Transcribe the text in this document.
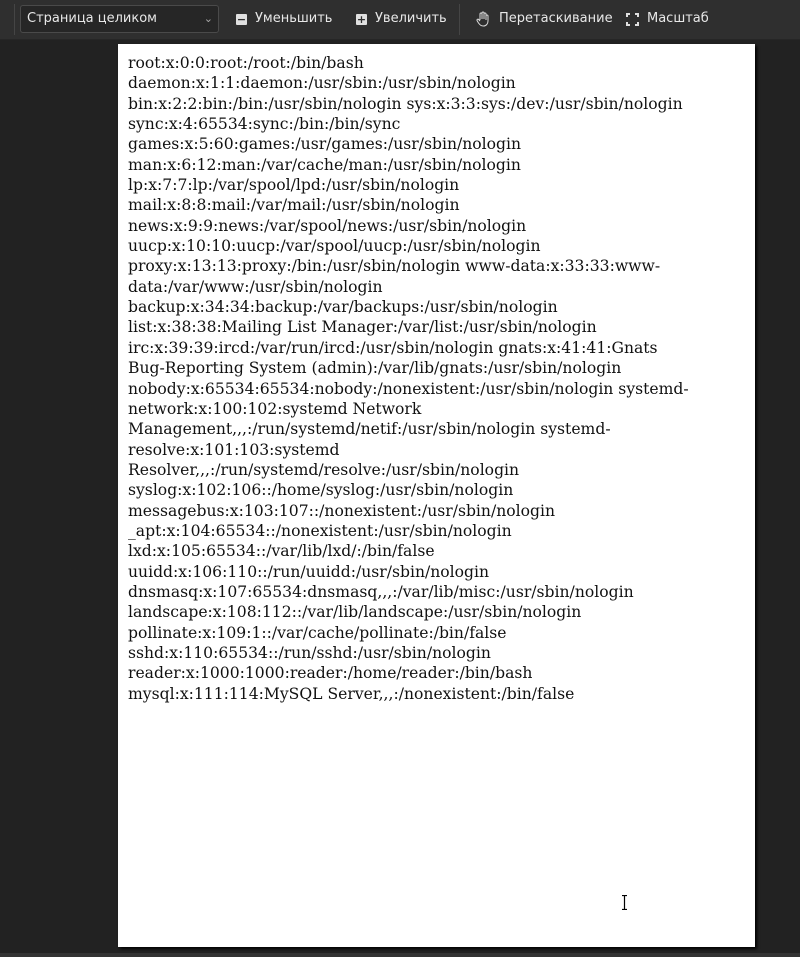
Страница целиком	⌄ − Уменьшить + Увеличить	Перетаскивание	Масштаб
root:x:0:0:root:/root:/bin/bash
daemon:x:1:1:daemon:/usr/sbin:/usr/sbin/nologin
bin:x:2:2:bin:/bin:/usr/sbin/nologin sys:x:3:3:sys:/dev:/usr/sbin/nologin
sync:x:4:65534:sync:/bin:/bin/sync
games:x:5:60:games:/usr/games:/usr/sbin/nologin
man:x:6:12:man:/var/cache/man:/usr/sbin/nologin
lp:x:7:7:lp:/var/spool/lpd:/usr/sbin/nologin
mail:x:8:8:mail:/var/mail:/usr/sbin/nologin
news:x:9:9:news:/var/spool/news:/usr/sbin/nologin
uucp:x:10:10:uucp:/var/spool/uucp:/usr/sbin/nologin
proxy:x:13:13:proxy:/bin:/usr/sbin/nologin www-data:x:33:33:www-
data:/var/www:/usr/sbin/nologin
backup:x:34:34:backup:/var/backups:/usr/sbin/nologin
list:x:38:38:Mailing List Manager:/var/list:/usr/sbin/nologin
irc:x:39:39:ircd:/var/run/ircd:/usr/sbin/nologin gnats:x:41:41:Gnats
Bug-Reporting System (admin):/var/lib/gnats:/usr/sbin/nologin
nobody:x:65534:65534:nobody:/nonexistent:/usr/sbin/nologin systemd-
network:x:100:102:systemd Network
Management,,,:/run/systemd/netif:/usr/sbin/nologin systemd-
resolve:x:101:103:systemd
Resolver,,,:/run/systemd/resolve:/usr/sbin/nologin
syslog:x:102:106::/home/syslog:/usr/sbin/nologin
messagebus:x:103:107::/nonexistent:/usr/sbin/nologin
_apt:x:104:65534::/nonexistent:/usr/sbin/nologin
lxd:x:105:65534::/var/lib/lxd/:/bin/false
uuidd:x:106:110::/run/uuidd:/usr/sbin/nologin
dnsmasq:x:107:65534:dnsmasq,,,:/var/lib/misc:/usr/sbin/nologin
landscape:x:108:112::/var/lib/landscape:/usr/sbin/nologin
pollinate:x:109:1::/var/cache/pollinate:/bin/false
sshd:x:110:65534::/run/sshd:/usr/sbin/nologin
reader:x:1000:1000:reader:/home/reader:/bin/bash
mysql:x:111:114:MySQL Server,,,:/nonexistent:/bin/false
